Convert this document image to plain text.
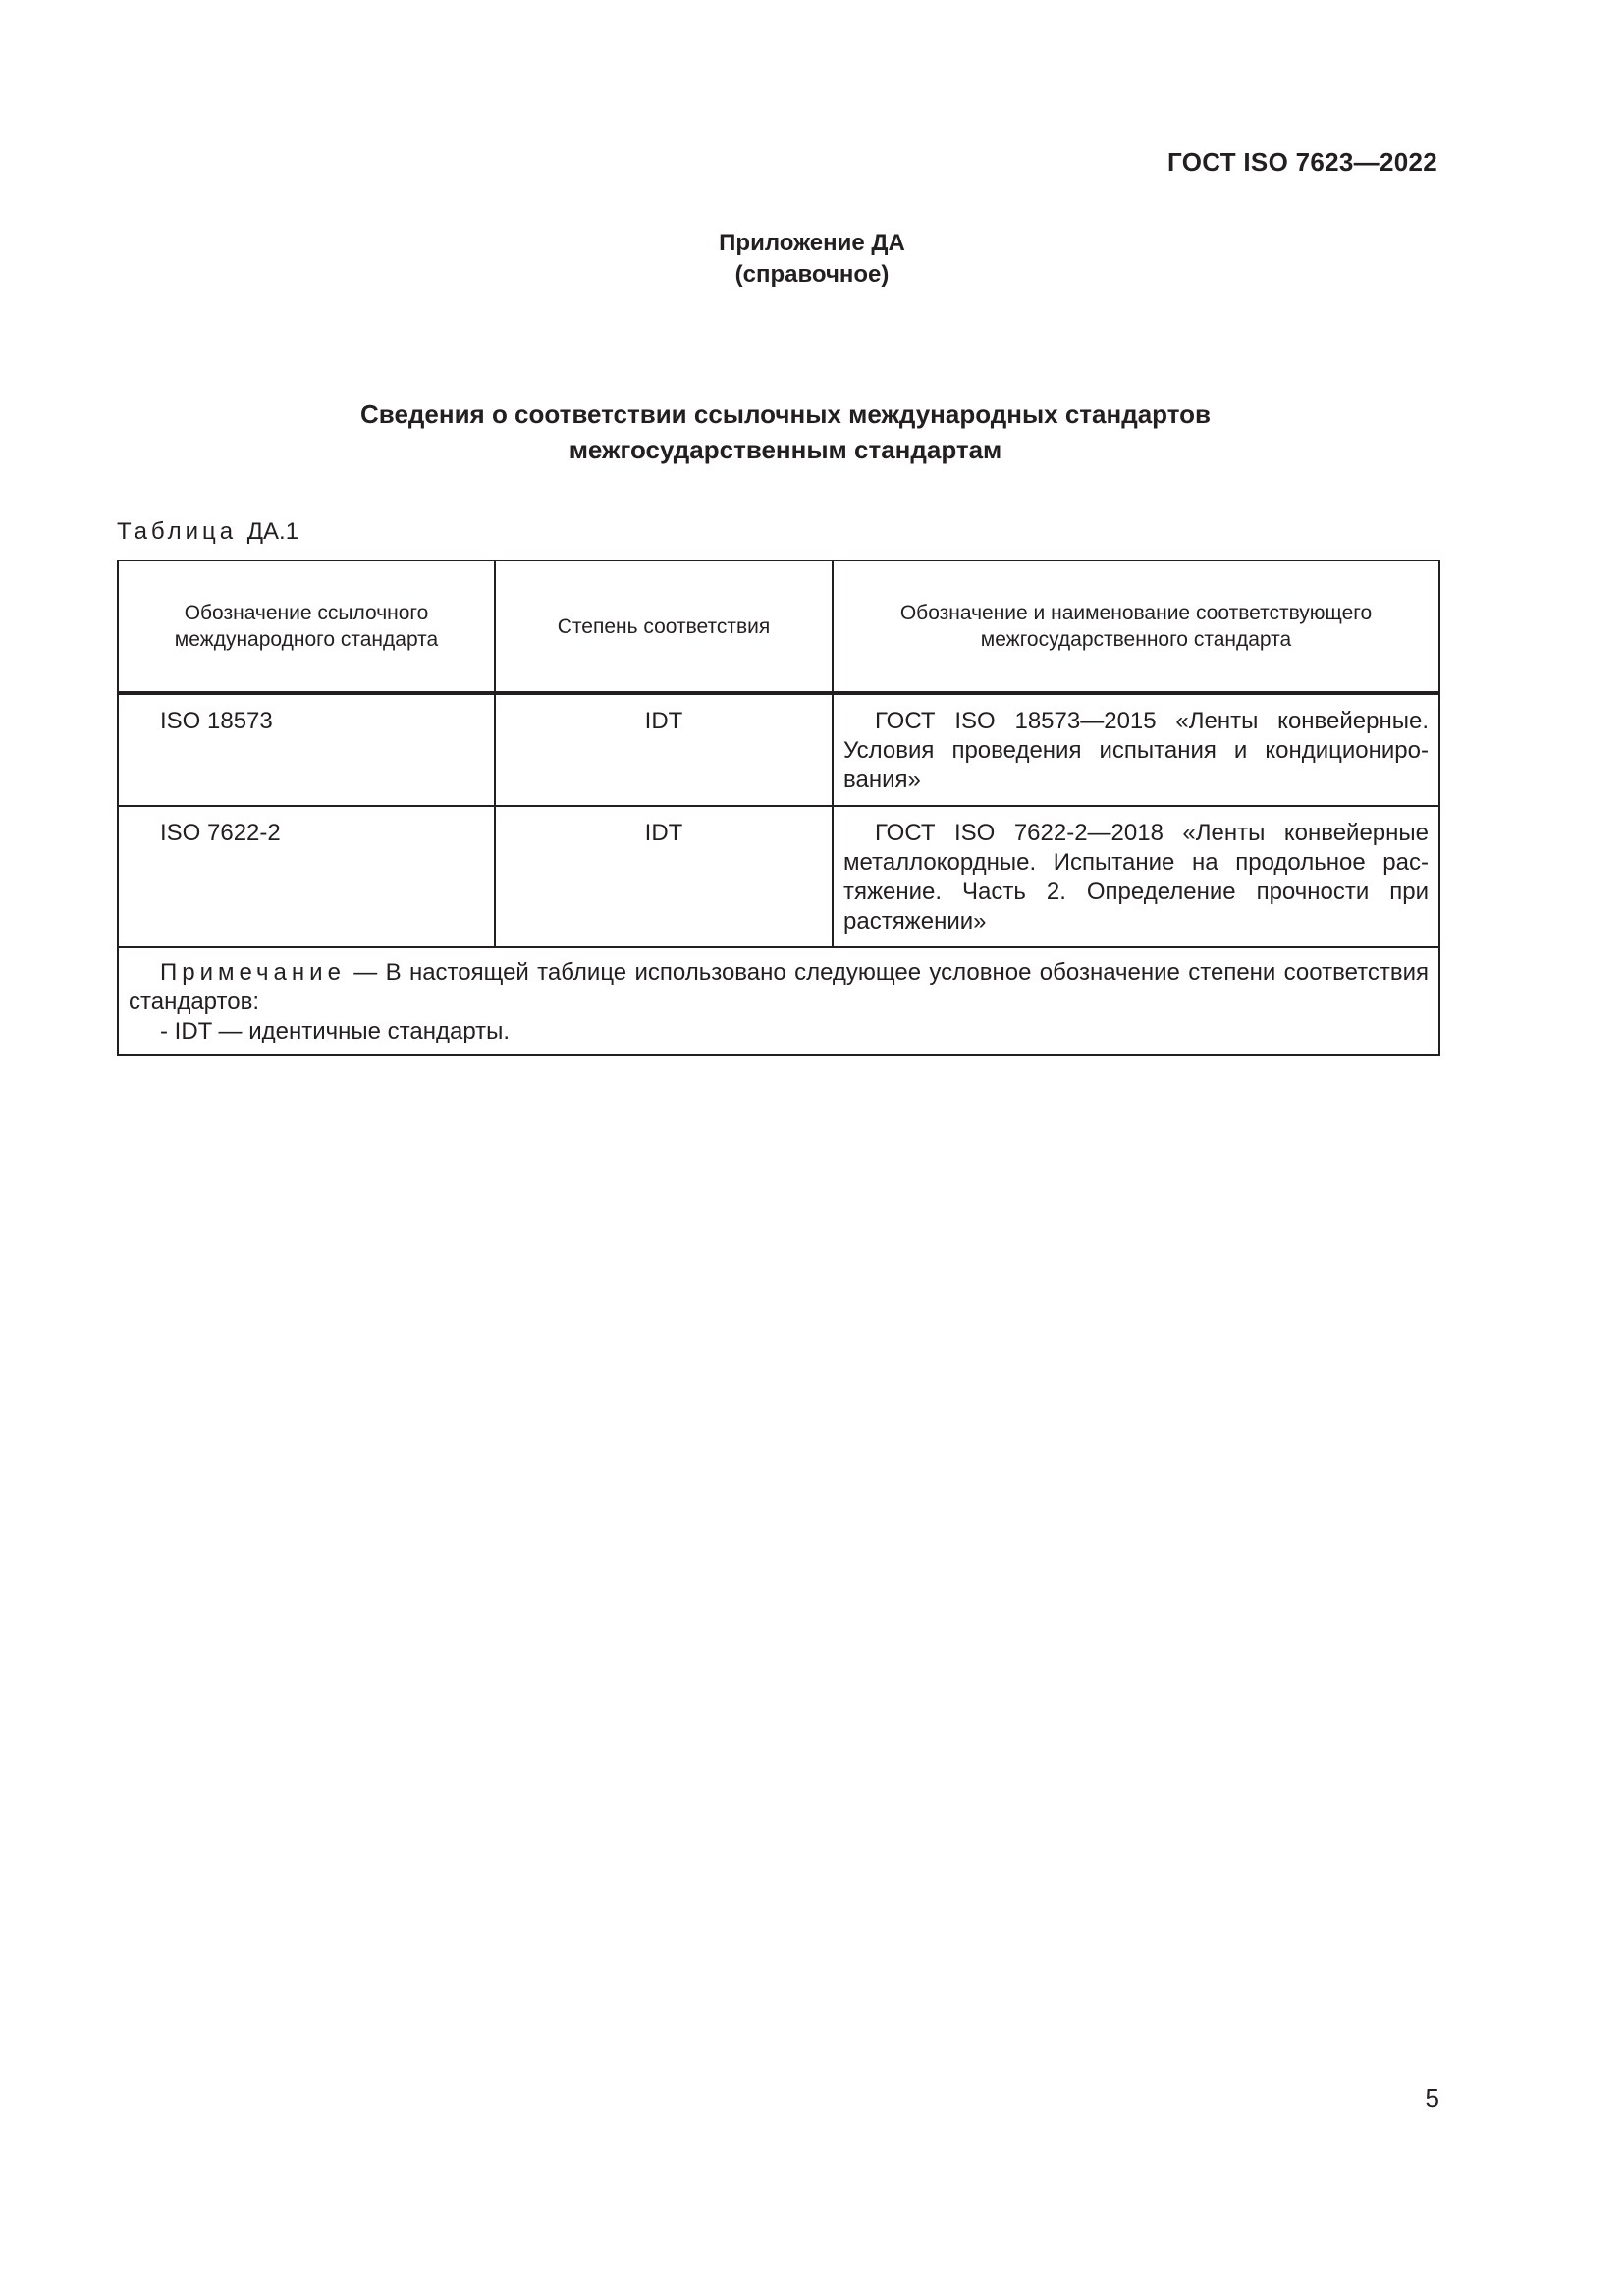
ГОСТ ISO 7623—2022
Приложение ДА
(справочное)
Сведения о соответствии ссылочных международных стандартов
межгосударственным стандартам
Таблица ДА.1
Обозначение ссылочного международного стандарта	Степень соответствия	Обозначение и наименование соответствующего межгосударственного стандарта

ISO 18573	IDT	ГОСТ ISO 18573—2015 «Ленты конвейерные. Условия проведения испытания и кондиционирования»
ISO 7622-2	IDT	ГОСТ ISO 7622-2—2018 «Ленты конвейерные металлокордные. Испытание на продольное растяжение. Часть 2. Определение прочности при растяжении»
Примечание — В настоящей таблице использовано следующее условное обозначение степени соответствия стандартов:
- IDT — идентичные стандарты.		
5
